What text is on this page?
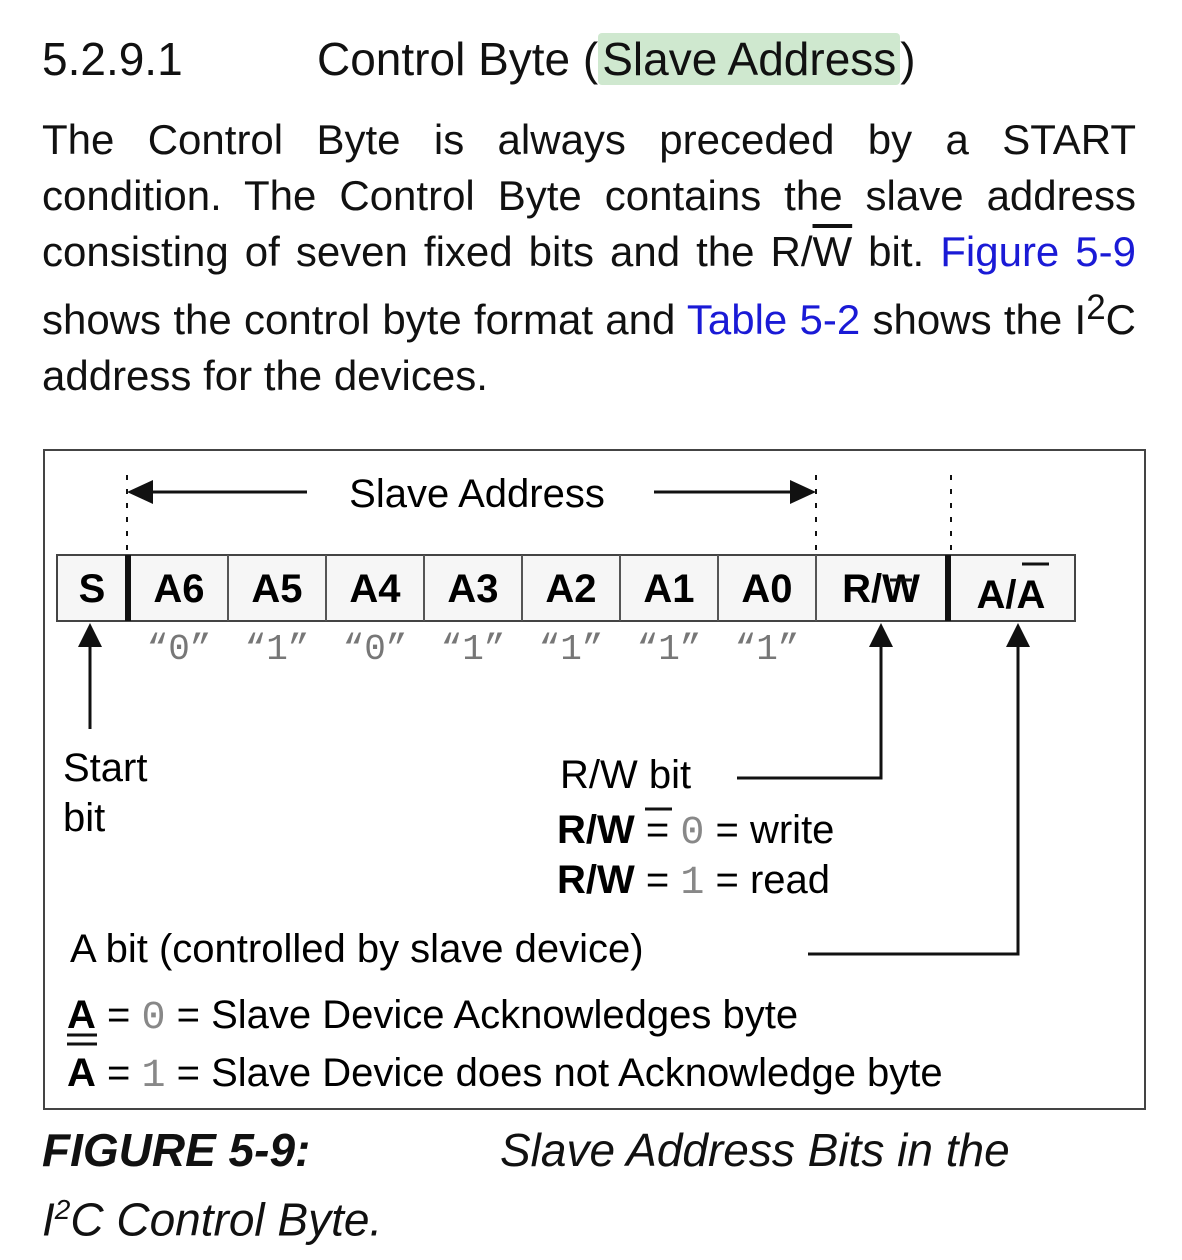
5.2.9.1	Control Byte (Slave Address)
The Control Byte is always preceded by a START condition. The Control Byte contains the slave address consisting of seven fixed bits and the $R/\overline{W}$ bit. Figure 5-9 shows the control byte format and Table 5-2 shows the $I^2C$ address for the devices.
Slave Address
S A6 A5 A4 A3 A2 A1 A0 R/W A/A
“0” “1” “0” “1” “1” “1” “1”
Start
bit
R/W bit
R/W = 0 = write
R/W = 1 = read
A bit (controlled by slave device)
A = 0 = Slave Device Acknowledges byte
A = 1 = Slave Device does not Acknowledge byte
FIGURE 5-9:	Slave Address Bits in the
$I^2C$ Control Byte.
